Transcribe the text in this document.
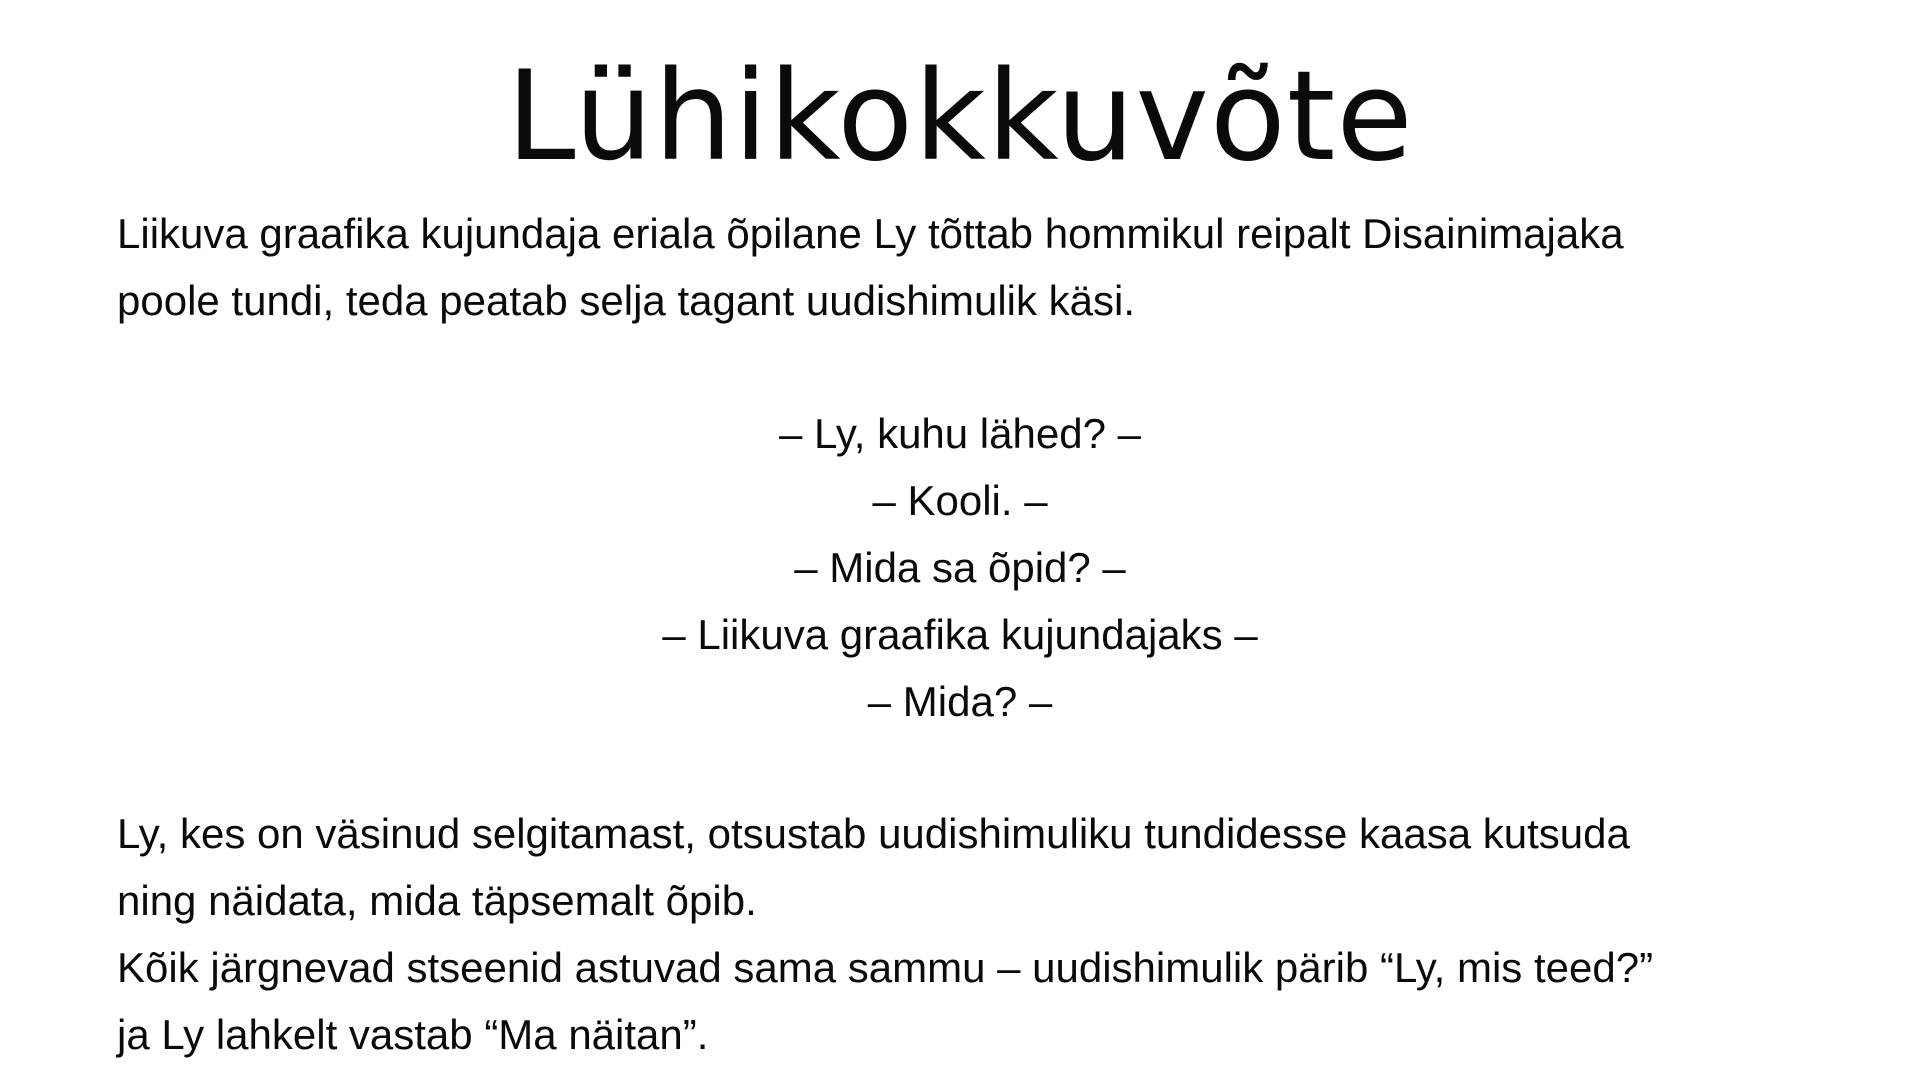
Lühikokkuvõte

Liikuva graafika kujundaja eriala õpilane Ly tõttab hommikul reipalt Disainimajaka
poole tundi, teda peatab selja tagant uudishimulik käsi.

– Ly, kuhu lähed? –
– Kooli. –
– Mida sa õpid? –
– Liikuva graafika kujundajaks –
– Mida? –

Ly, kes on väsinud selgitamast, otsustab uudishimuliku tundidesse kaasa kutsuda
ning näidata, mida täpsemalt õpib.
Kõik järgnevad stseenid astuvad sama sammu – uudishimulik pärib “Ly, mis teed?”
ja Ly lahkelt vastab “Ma näitan”.
